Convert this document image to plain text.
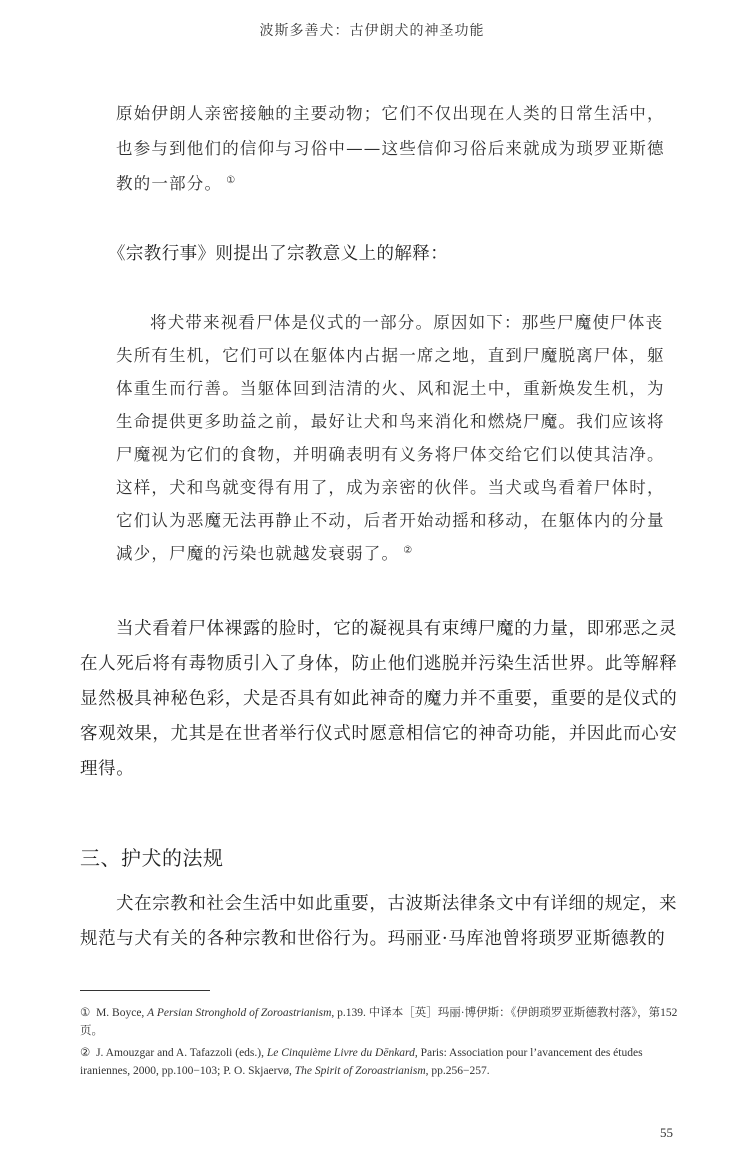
波斯多善犬：古伊朗犬的神圣功能
原始伊朗人亲密接触的主要动物；它们不仅出现在人类的日常生活中，
也参与到他们的信仰与习俗中——这些信仰习俗后来就成为琐罗亚斯德
教的一部分。 ①
《宗教行事》则提出了宗教意义上的解释：
将犬带来视看尸体是仪式的一部分。原因如下：那些尸魔使尸体丧
失所有生机，它们可以在躯体内占据一席之地，直到尸魔脱离尸体，躯
体重生而行善。当躯体回到洁清的火、风和泥土中，重新焕发生机，为
生命提供更多助益之前，最好让犬和鸟来消化和燃烧尸魔。我们应该将
尸魔视为它们的食物，并明确表明有义务将尸体交给它们以使其洁净。
这样，犬和鸟就变得有用了，成为亲密的伙伴。当犬或鸟看着尸体时，
它们认为恶魔无法再静止不动，后者开始动摇和移动，在躯体内的分量
减少，尸魔的污染也就越发衰弱了。 ②
当犬看着尸体裸露的脸时，它的凝视具有束缚尸魔的力量，即邪恶之灵
在人死后将有毒物质引入了身体，防止他们逃脱并污染生活世界。此等解释
显然极具神秘色彩，犬是否具有如此神奇的魔力并不重要，重要的是仪式的
客观效果，尤其是在世者举行仪式时愿意相信它的神奇功能，并因此而心安
理得。
三、护犬的法规
犬在宗教和社会生活中如此重要，古波斯法律条文中有详细的规定，来
规范与犬有关的各种宗教和世俗行为。玛丽亚·马库池曾将琐罗亚斯德教的
① M. Boyce, A Persian Stronghold of Zoroastrianism, p.139. 中译本［英］玛丽·博伊斯：《伊朗琐罗亚斯德教村落》，第152页。
② J. Amouzgar and A. Tafazzoli (eds.), Le Cinquième Livre du Dēnkard, Paris: Association pour l’avancement des études iraniennes, 2000, pp.100−103; P. O. Skjaervø, The Spirit of Zoroastrianism, pp.256−257.
55
